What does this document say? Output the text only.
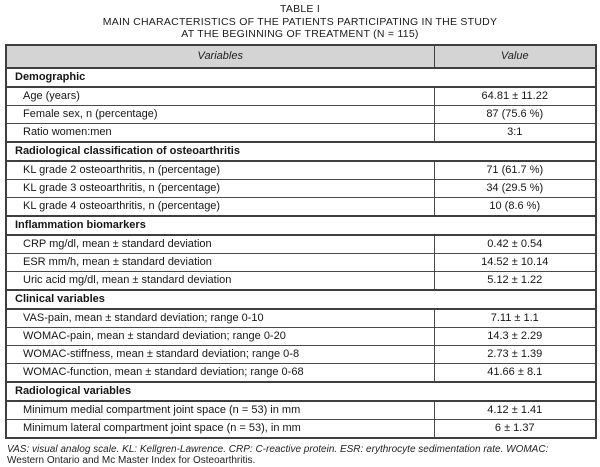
TABLE I
MAIN CHARACTERISTICS OF THE PATIENTS PARTICIPATING IN THE STUDY
AT THE BEGINNING OF TREATMENT (N = 115)
Variables	Value
Demographic	
Age (years)	64.81 ± 11.22
Female sex, n (percentage)	87 (75.6 %)
Ratio women:men	3:1
Radiological classification of osteoarthritis	
KL grade 2 osteoarthritis, n (percentage)	71 (61.7 %)
KL grade 3 osteoarthritis, n (percentage)	34 (29.5 %)
KL grade 4 osteoarthritis, n (percentage)	10 (8.6 %)
Inflammation biomarkers	
CRP mg/dl, mean ± standard deviation	0.42 ± 0.54
ESR mm/h, mean ± standard deviation	14.52 ± 10.14
Uric acid mg/dl, mean ± standard deviation	5.12 ± 1.22
Clinical variables	
VAS-pain, mean ± standard deviation; range 0-10	7.11 ± 1.1
WOMAC-pain, mean ± standard deviation; range 0-20	14.3 ± 2.29
WOMAC-stiffness, mean ± standard deviation; range 0-8	2.73 ± 1.39
WOMAC-function, mean ± standard deviation; range 0-68	41.66 ± 8.1
Radiological variables	
Minimum medial compartment joint space (n = 53) in mm	4.12 ± 1.41
Minimum lateral compartment joint space (n = 53), in mm	6 ± 1.37
VAS: visual analog scale. KL: Kellgren-Lawrence. CRP: C-reactive protein. ESR: erythrocyte sedimentation rate. WOMAC:
Western Ontario and Mc Master Index for Osteoarthritis.
